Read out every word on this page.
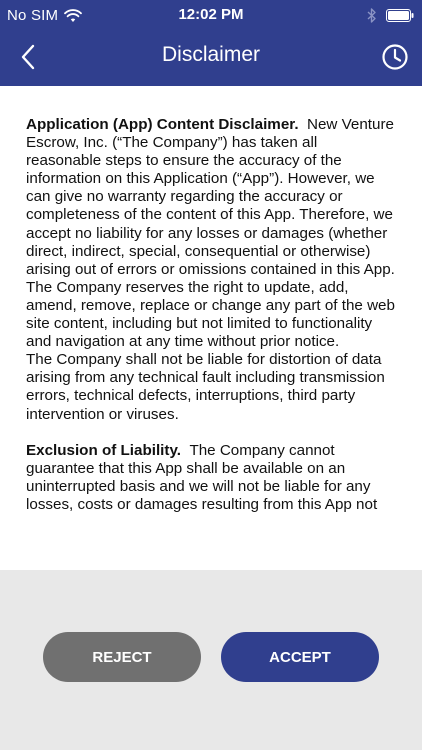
No SIM	12:02 PM
Disclaimer
Application (App) Content Disclaimer.  New Venture Escrow, Inc. (“The Company”) has taken all reasonable steps to ensure the accuracy of the information on this Application (“App”). However, we can give no warranty regarding the accuracy or completeness of the content of this App. Therefore, we accept no liability for any losses or damages (whether direct, indirect, special, consequential or otherwise) arising out of errors or omissions contained in this App.
The Company reserves the right to update, add, amend, remove, replace or change any part of the web site content, including but not limited to functionality and navigation at any time without prior notice.
The Company shall not be liable for distortion of data arising from any technical fault including transmission errors, technical defects, interruptions, third party intervention or viruses.
Exclusion of Liability.  The Company cannot guarantee that this App shall be available on an uninterrupted basis and we will not be liable for any losses, costs or damages resulting from this App not
REJECT	ACCEPT
